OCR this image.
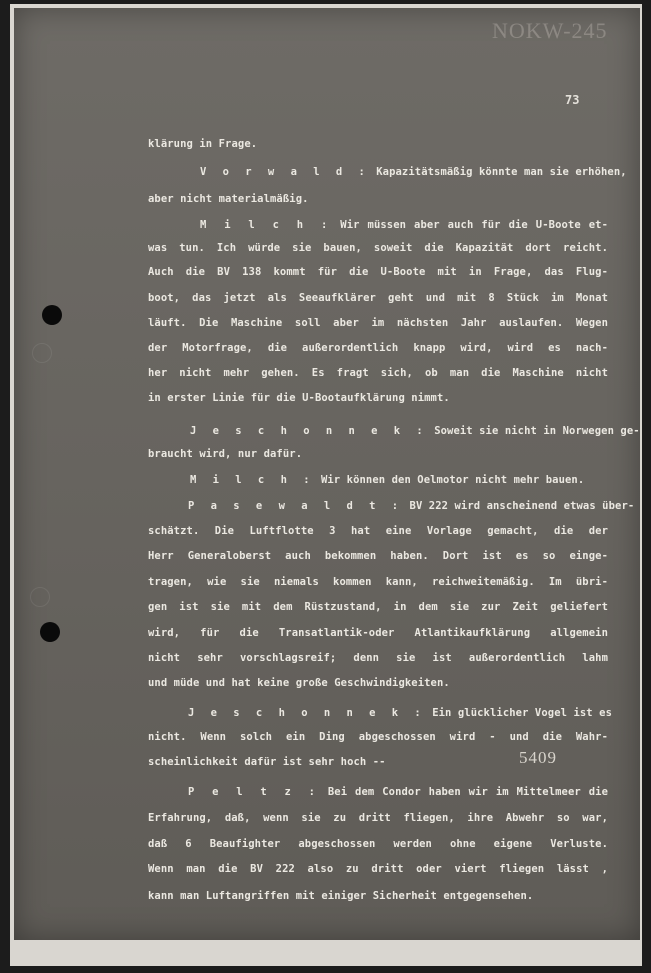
NOKW-245
73
klärung in Frage.
V o r w a l d : Kapazitätsmäßig könnte man sie erhöhen,
aber nicht materialmäßig.
M i l c h : Wir müssen aber auch für die U-Boote et-
was tun. Ich würde sie bauen, soweit die Kapazität dort reicht.
Auch die BV 138 kommt für die U-Boote mit in Frage, das Flug-
boot, das jetzt als Seeaufklärer geht und mit 8 Stück im Monat
läuft. Die Maschine soll aber im nächsten Jahr auslaufen. Wegen
der Motorfrage, die außerordentlich knapp wird, wird es nach-
her nicht mehr gehen. Es fragt sich, ob man die Maschine nicht
in erster Linie für die U-Bootaufklärung nimmt.
J e s c h o n n e k : Soweit sie nicht in Norwegen ge-
braucht wird, nur dafür.
M i l c h : Wir können den Oelmotor nicht mehr bauen.
P a s e w a l d t : BV 222 wird anscheinend etwas über-
schätzt. Die Luftflotte 3 hat eine Vorlage gemacht, die der
Herr Generaloberst auch bekommen haben. Dort ist es so einge-
tragen, wie sie niemals kommen kann, reichweitemäßig. Im übri-
gen ist sie mit dem Rüstzustand, in dem sie zur Zeit geliefert
wird, für die Transatlantik-oder Atlantikaufklärung allgemein
nicht sehr vorschlagsreif; denn sie ist außerordentlich lahm
und müde und hat keine große Geschwindigkeiten.
J e s c h o n n e k : Ein glücklicher Vogel ist es
nicht. Wenn solch ein Ding abgeschossen wird - und die Wahr-
scheinlichkeit dafür ist sehr hoch --
P e l t z : Bei dem Condor haben wir im Mittelmeer die
Erfahrung, daß, wenn sie zu dritt fliegen, ihre Abwehr so war,
daß 6 Beaufighter abgeschossen werden ohne eigene Verluste.
Wenn man die BV 222 also zu dritt oder viert fliegen lässt ,
kann man Luftangriffen mit einiger Sicherheit entgegensehen.
5409
